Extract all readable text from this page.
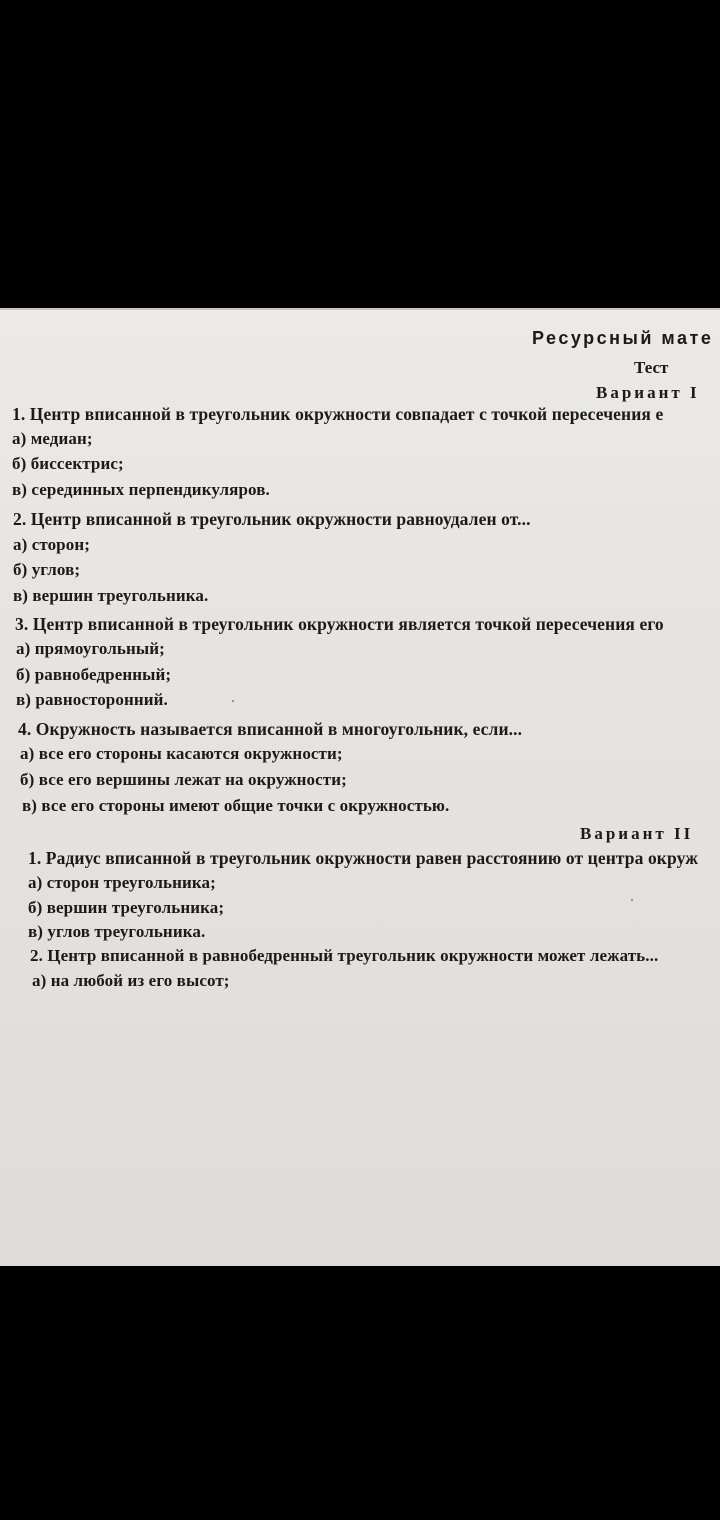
Ресурсный мате
Тест
Вариант I
1. Центр вписанной в треугольник окружности совпадает с точкой пересечения е
а) медиан;
б) биссектрис;
в) серединных перпендикуляров.
2. Центр вписанной в треугольник окружности равноудален от...
а) сторон;
б) углов;
в) вершин треугольника.
3. Центр вписанной в треугольник окружности является точкой пересечения его
а) прямоугольный;
б) равнобедренный;
в) равносторонний.
4. Окружность называется вписанной в многоугольник, если...
а) все его стороны касаются окружности;
б) все его вершины лежат на окружности;
в) все его стороны имеют общие точки с окружностью.
Вариант II
1. Радиус вписанной в треугольник окружности равен расстоянию от центра окруж
а) сторон треугольника;
б) вершин треугольника;
в) углов треугольника.
2. Центр вписанной в равнобедренный треугольник окружности может лежать...
а) на любой из его высот;
